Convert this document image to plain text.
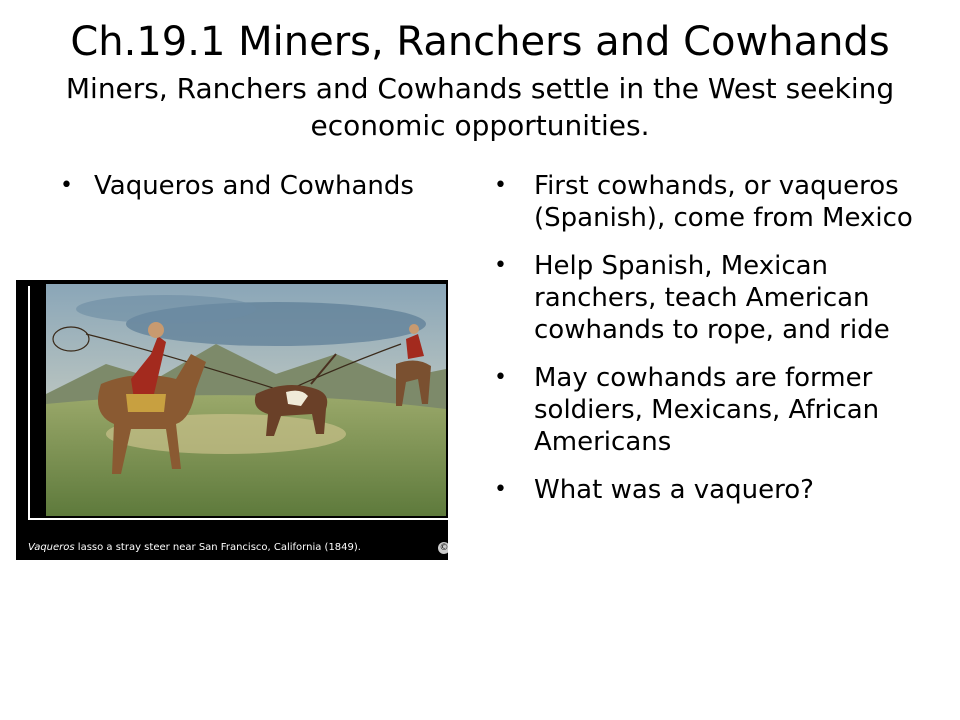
Ch.19.1 Miners, Ranchers and Cowhands

Miners, Ranchers and Cowhands settle in the West seeking economic opportunities.

• Vaqueros and Cowhands
Vaqueros lasso a stray steer near San Francisco, California (1849).	©
• First cowhands, or vaqueros (Spanish), come from Mexico
• Help Spanish, Mexican ranchers, teach American cowhands to rope, and ride
• May cowhands are former soldiers, Mexicans, African Americans
• What was a vaquero?
